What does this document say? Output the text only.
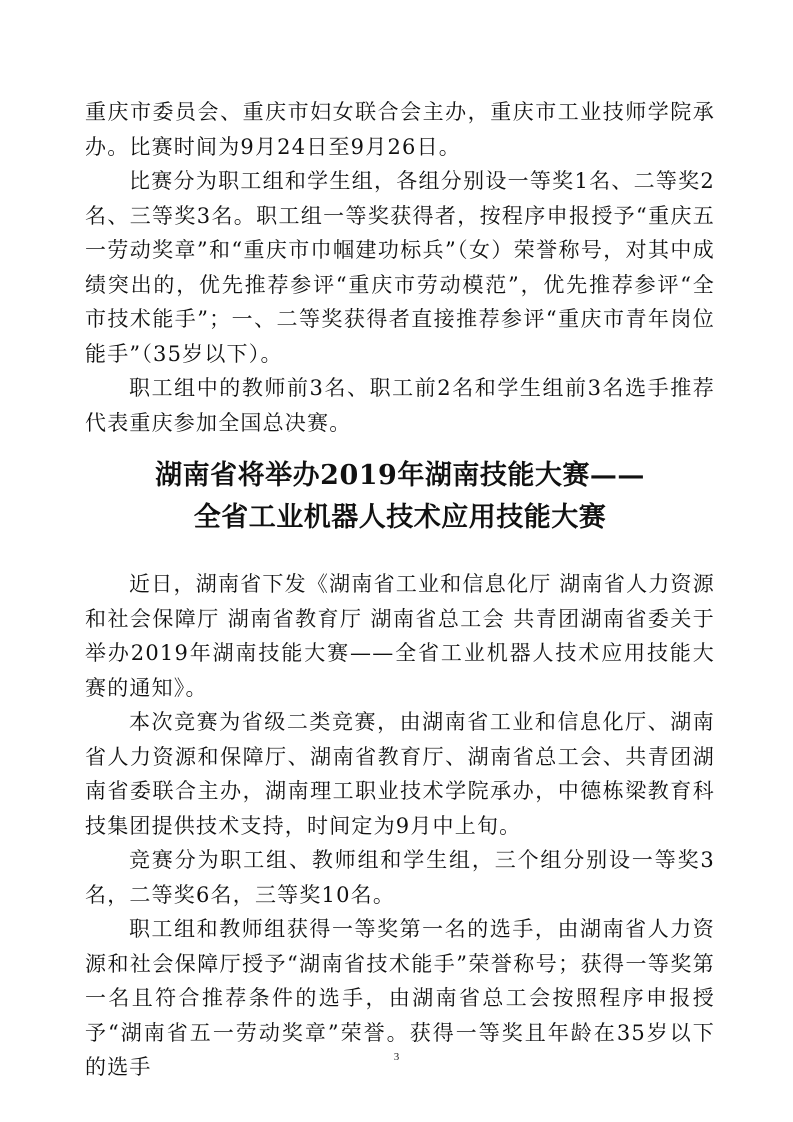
重庆市委员会、重庆市妇女联合会主办，重庆市工业技师学院承办。比赛时间为9月24日至9月26日。

比赛分为职工组和学生组，各组分别设一等奖1名、二等奖2名、三等奖3名。职工组一等奖获得者，按程序申报授予“重庆五一劳动奖章”和“重庆市巾帼建功标兵”（女）荣誉称号，对其中成绩突出的，优先推荐参评“重庆市劳动模范”，优先推荐参评“全市技术能手”；一、二等奖获得者直接推荐参评“重庆市青年岗位能手”（35岁以下）。

职工组中的教师前3名、职工前2名和学生组前3名选手推荐代表重庆参加全国总决赛。

湖南省将举办2019年湖南技能大赛——
全省工业机器人技术应用技能大赛

近日，湖南省下发《湖南省工业和信息化厅 湖南省人力资源和社会保障厅 湖南省教育厅 湖南省总工会 共青团湖南省委关于举办2019年湖南技能大赛——全省工业机器人技术应用技能大赛的通知》。

本次竞赛为省级二类竞赛，由湖南省工业和信息化厅、湖南省人力资源和保障厅、湖南省教育厅、湖南省总工会、共青团湖南省委联合主办，湖南理工职业技术学院承办，中德栋梁教育科技集团提供技术支持，时间定为9月中上旬。

竞赛分为职工组、教师组和学生组，三个组分别设一等奖3名，二等奖6名，三等奖10名。

职工组和教师组获得一等奖第一名的选手，由湖南省人力资源和社会保障厅授予“湖南省技术能手”荣誉称号；获得一等奖第一名且符合推荐条件的选手，由湖南省总工会按照程序申报授予“湖南省五一劳动奖章”荣誉。获得一等奖且年龄在35岁以下的选手	3
